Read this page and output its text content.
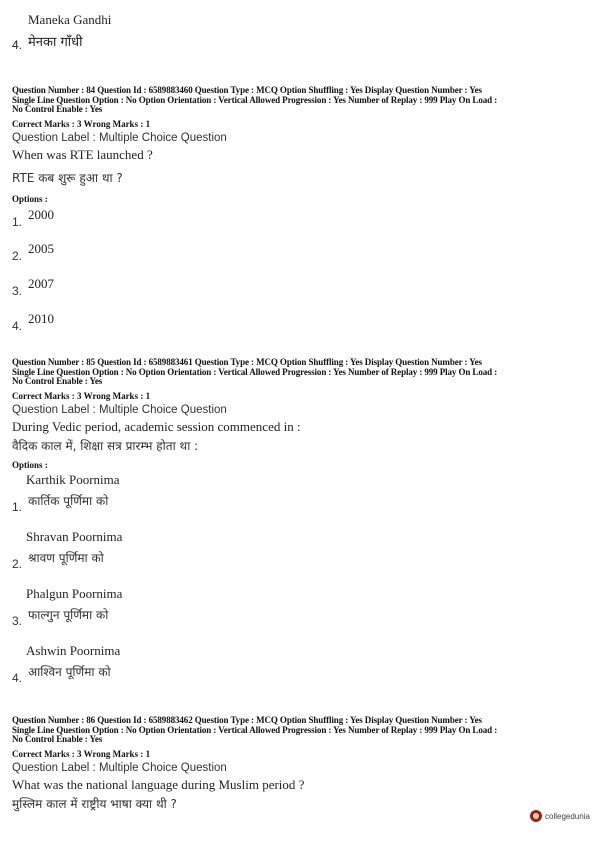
Maneka Gandhi
4. मेनका गाँधी
Question Number : 84 Question Id : 6589883460 Question Type : MCQ Option Shuffling : Yes Display Question Number : Yes
Single Line Question Option : No Option Orientation : Vertical Allowed Progression : Yes Number of Replay : 999 Play On Load :
No Control Enable : Yes
Correct Marks : 3 Wrong Marks : 1
Question Label : Multiple Choice Question
When was RTE launched ?
RTE कब शुरू हुआ था ?
Options :
1. 2000
2. 2005
3. 2007
4. 2010
Question Number : 85 Question Id : 6589883461 Question Type : MCQ Option Shuffling : Yes Display Question Number : Yes
Single Line Question Option : No Option Orientation : Vertical Allowed Progression : Yes Number of Replay : 999 Play On Load :
No Control Enable : Yes
Correct Marks : 3 Wrong Marks : 1
Question Label : Multiple Choice Question
During Vedic period, academic session commenced in :
वैदिक काल में, शिक्षा सत्र प्रारम्भ होता था :
Options :
Karthik Poornima
कार्तिक पूर्णिमा को
1.
Shravan Poornima
श्रावण पूर्णिमा को
2.
Phalgun Poornima
फाल्गुन पूर्णिमा को
3.
Ashwin Poornima
आश्विन पूर्णिमा को
4.
Question Number : 86 Question Id : 6589883462 Question Type : MCQ Option Shuffling : Yes Display Question Number : Yes
Single Line Question Option : No Option Orientation : Vertical Allowed Progression : Yes Number of Replay : 999 Play On Load :
No Control Enable : Yes
Correct Marks : 3 Wrong Marks : 1
Question Label : Multiple Choice Question
What was the national language during Muslim period ?
मुस्लिम काल में राष्ट्रीय भाषा क्या थी ?
collegedunia
